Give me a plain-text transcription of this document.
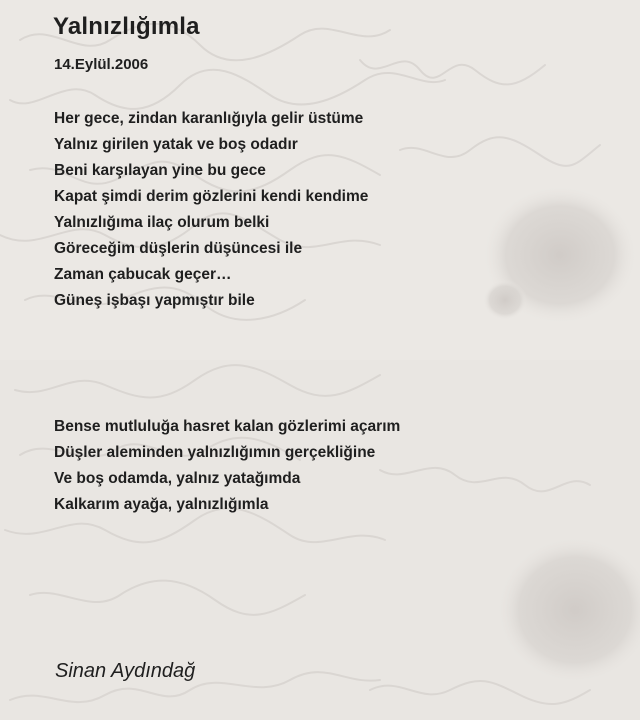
Yalnızlığımla
14.Eylül.2006
Her gece, zindan karanlığıyla gelir üstüme
Yalnız girilen yatak ve boş odadır
Beni karşılayan yine bu gece
Kapat şimdi derim gözlerini kendi kendime
Yalnızlığıma ilaç olurum belki
Göreceğim düşlerin düşüncesi ile
Zaman çabucak geçer…
Güneş işbaşı yapmıştır bile
Bense mutluluğa hasret kalan gözlerimi açarım
Düşler aleminden yalnızlığımın gerçekliğine
Ve boş odamda, yalnız yatağımda
Kalkarım ayağa, yalnızlığımla
Sinan Aydındağ
